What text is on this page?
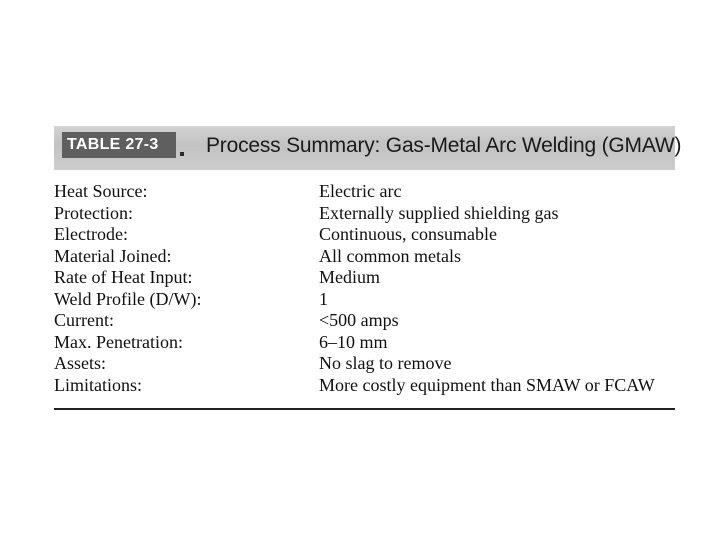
TABLE 27-3	Process Summary: Gas-Metal Arc Welding (GMAW)
Heat Source:	Electric arc
Protection:	Externally supplied shielding gas
Electrode:	Continuous, consumable
Material Joined:	All common metals
Rate of Heat Input:	Medium
Weld Profile (D/W):	1
Current:	<500 amps
Max. Penetration:	6–10 mm
Assets:	No slag to remove
Limitations:	More costly equipment than SMAW or FCAW
